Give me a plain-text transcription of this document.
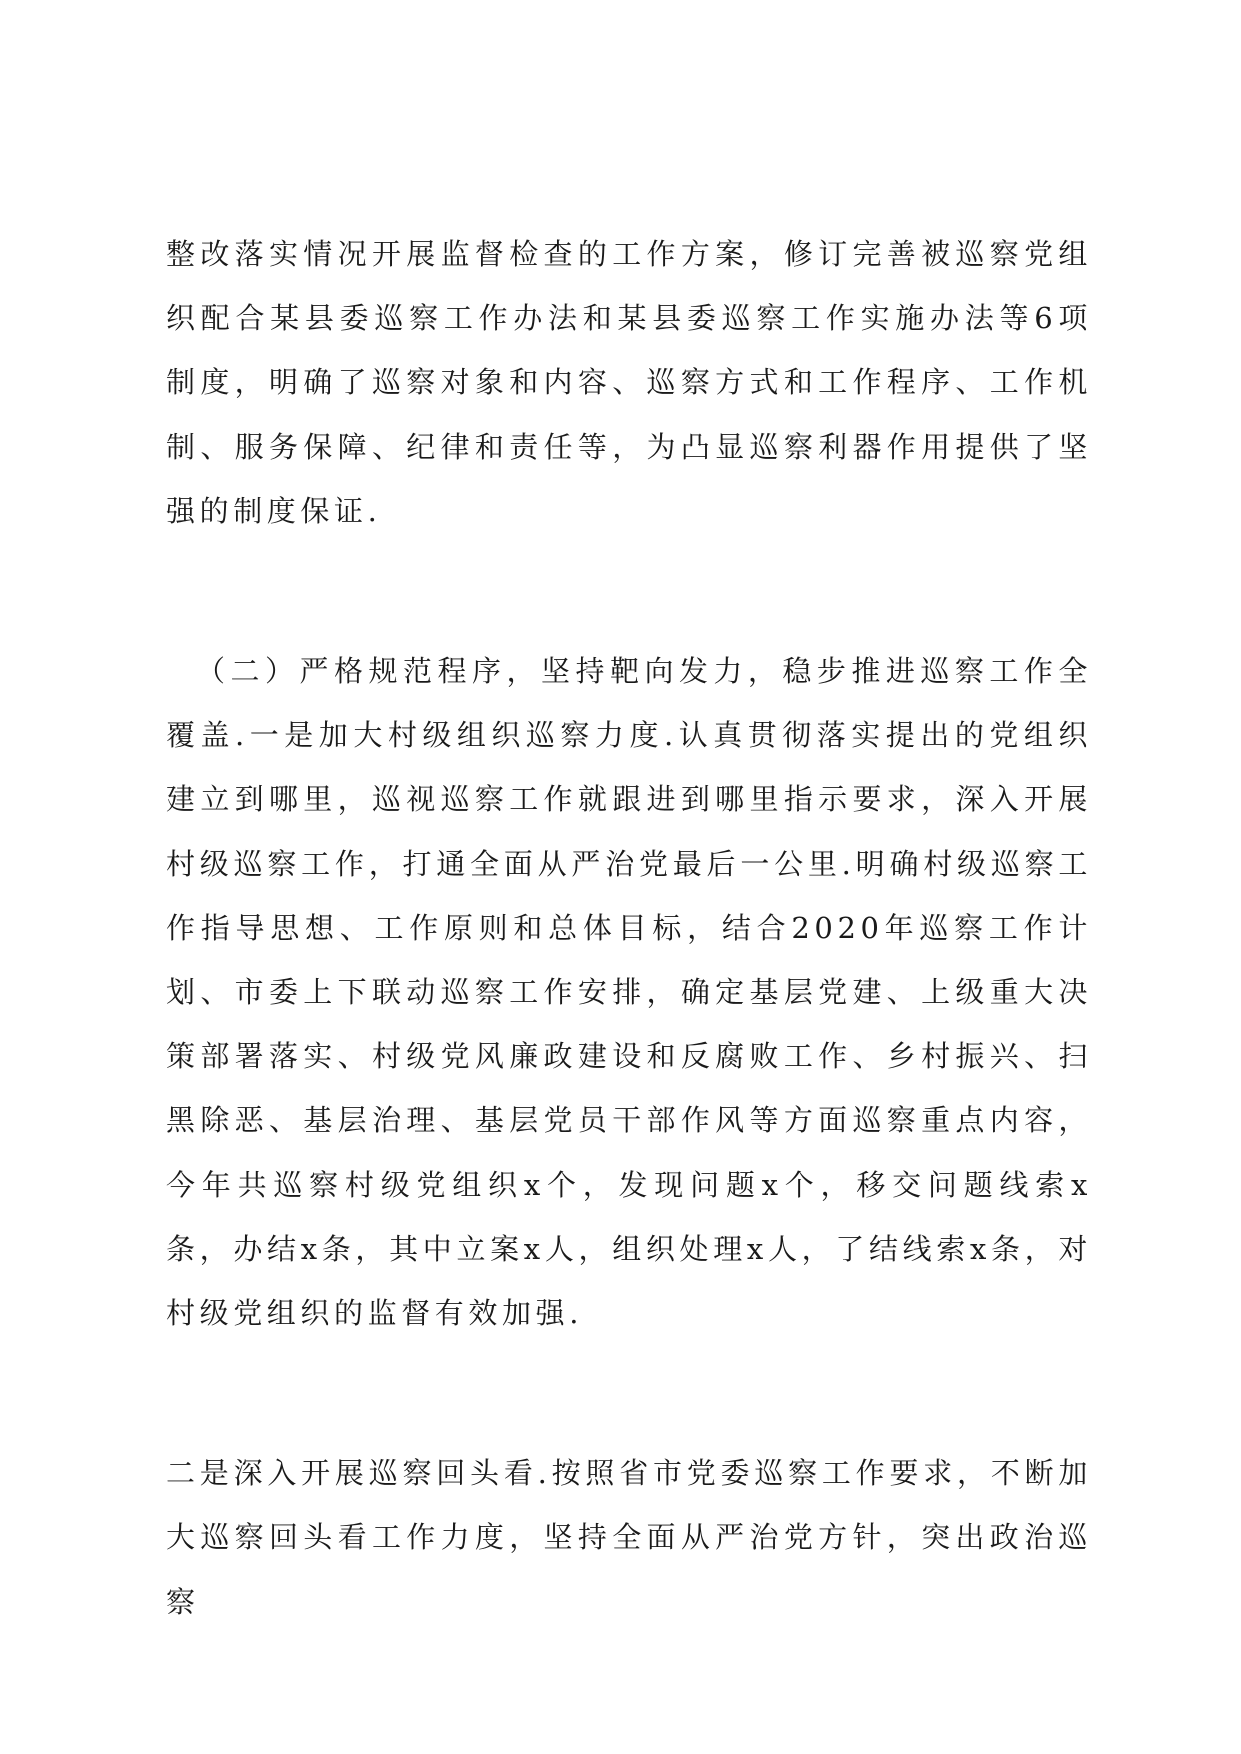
整改落实情况开展监督检查的工作方案，修订完善被巡察党组织配合某县委巡察工作办法和某县委巡察工作实施办法等6项制度，明确了巡察对象和内容、巡察方式和工作程序、工作机制、服务保障、纪律和责任等，为凸显巡察利器作用提供了坚强的制度保证.

（二）严格规范程序，坚持靶向发力，稳步推进巡察工作全覆盖.一是加大村级组织巡察力度.认真贯彻落实提出的党组织建立到哪里，巡视巡察工作就跟进到哪里指示要求，深入开展村级巡察工作，打通全面从严治党最后一公里.明确村级巡察工作指导思想、工作原则和总体目标，结合2020年巡察工作计划、市委上下联动巡察工作安排，确定基层党建、上级重大决策部署落实、村级党风廉政建设和反腐败工作、乡村振兴、扫黑除恶、基层治理、基层党员干部作风等方面巡察重点内容，今年共巡察村级党组织x个，发现问题x个，移交问题线索x条，办结x条，其中立案x人，组织处理x人，了结线索x条，对村级党组织的监督有效加强.

二是深入开展巡察回头看.按照省市党委巡察工作要求，不断加大巡察回头看工作力度，坚持全面从严治党方针，突出政治巡察
